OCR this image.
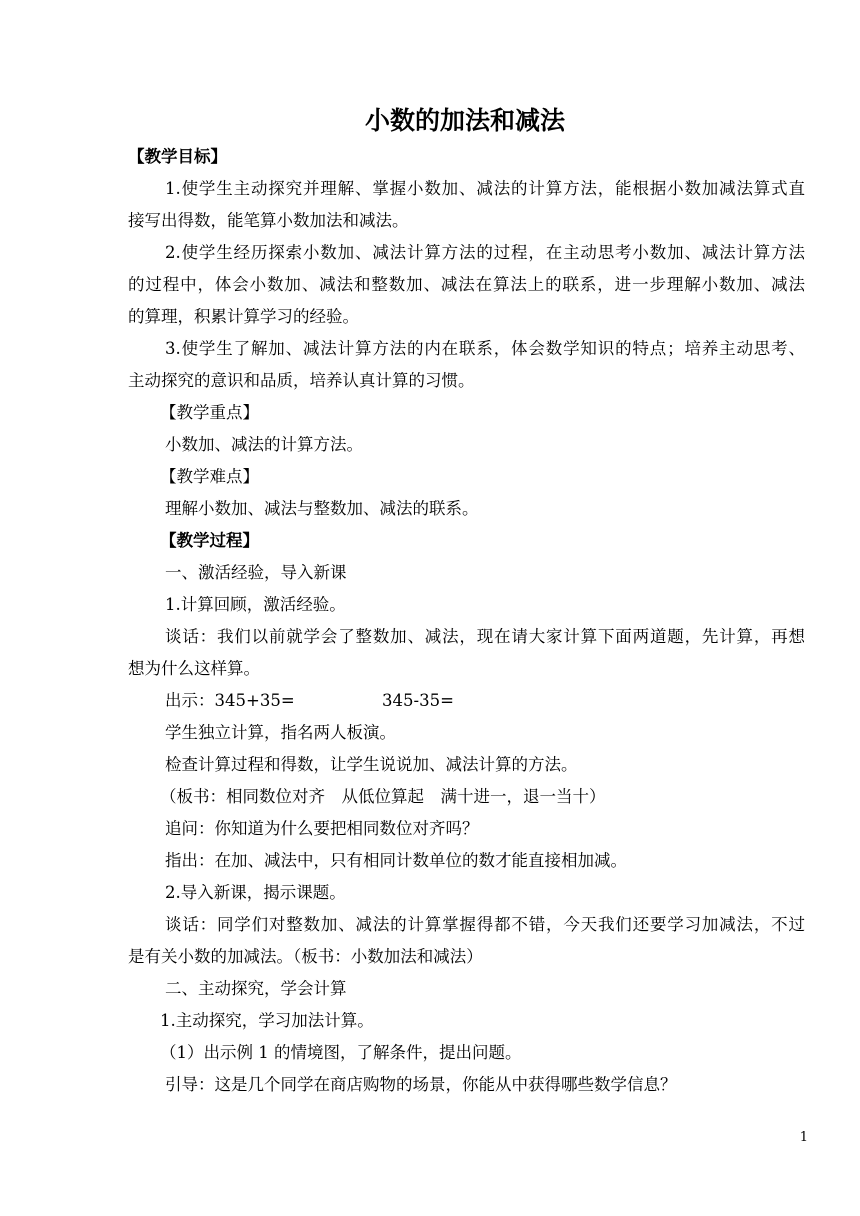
小数的加法和减法
【教学目标】
1.使学生主动探究并理解、掌握小数加、减法的计算方法，能根据小数加减法算式直
接写出得数，能笔算小数加法和减法。
2.使学生经历探索小数加、减法计算方法的过程，在主动思考小数加、减法计算方法
的过程中，体会小数加、减法和整数加、减法在算法上的联系，进一步理解小数加、减法
的算理，积累计算学习的经验。
3.使学生了解加、减法计算方法的内在联系，体会数学知识的特点；培养主动思考、
主动探究的意识和品质，培养认真计算的习惯。
【教学重点】
小数加、减法的计算方法。
【教学难点】
理解小数加、减法与整数加、减法的联系。
【教学过程】
一、激活经验，导入新课
1.计算回顾，激活经验。
谈话：我们以前就学会了整数加、减法，现在请大家计算下面两道题，先计算，再想
想为什么这样算。
出示：345+35=	345-35=
学生独立计算，指名两人板演。
检查计算过程和得数，让学生说说加、减法计算的方法。
（板书：相同数位对齐　从低位算起　满十进一，退一当十）
追问：你知道为什么要把相同数位对齐吗？
指出：在加、减法中，只有相同计数单位的数才能直接相加减。
2.导入新课，揭示课题。
谈话：同学们对整数加、减法的计算掌握得都不错，今天我们还要学习加减法，不过
是有关小数的加减法。（板书：小数加法和减法）
二、主动探究，学会计算
1.主动探究，学习加法计算。
（1）出示例 1 的情境图，了解条件，提出问题。
引导：这是几个同学在商店购物的场景，你能从中获得哪些数学信息？
1
